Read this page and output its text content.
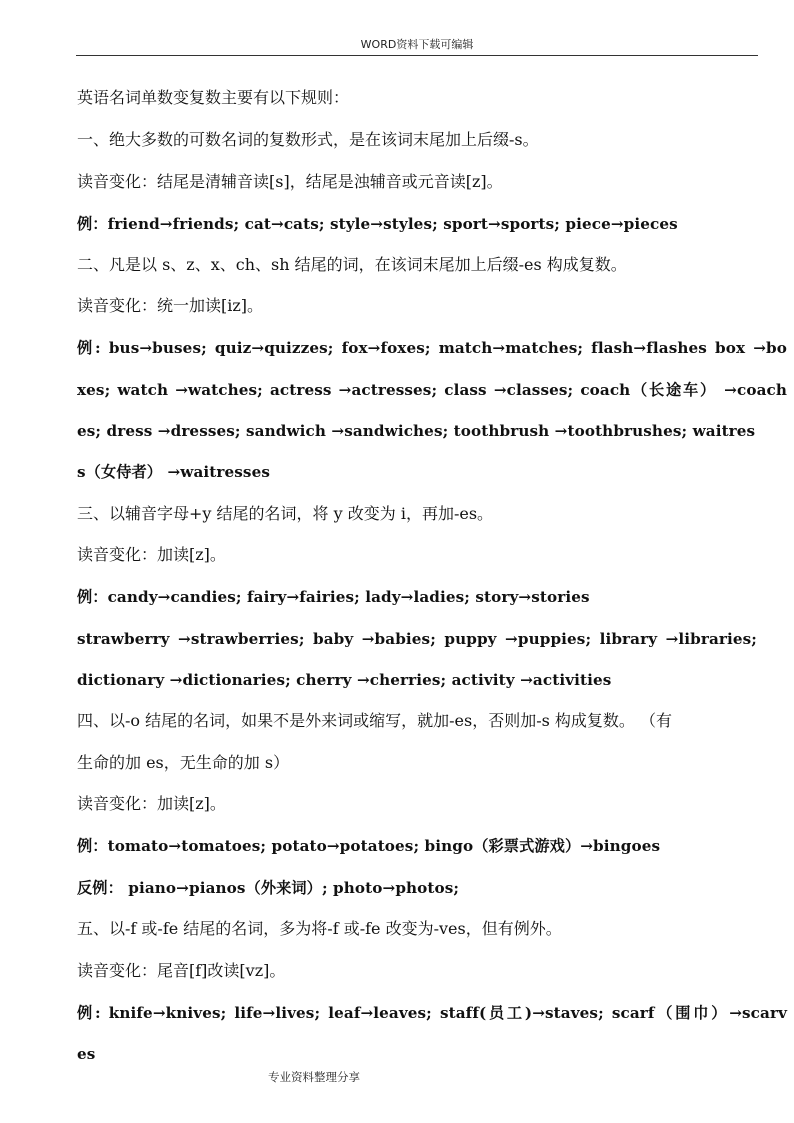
WORD资料下载可编辑
英语名词单数变复数主要有以下规则：
一、绝大多数的可数名词的复数形式，是在该词末尾加上后缀-s。
读音变化：结尾是清辅音读[s]，结尾是浊辅音或元音读[z]。
例：friend→friends; cat→cats; style→styles; sport→sports; piece→pieces
二、凡是以 s、z、x、ch、sh 结尾的词，在该词末尾加上后缀-es 构成复数。
读音变化：统一加读[iz]。
例: bus→buses; quiz→quizzes; fox→foxes; match→matches; flash→flashes box →bo
xes; watch →watches; actress →actresses; class →classes; coach（长途车） →coach
es; dress →dresses; sandwich →sandwiches; toothbrush →toothbrushes; waitres
s（女侍者） →waitresses
三、以辅音字母+y 结尾的名词，将 y 改变为 i，再加-es。
读音变化：加读[z]。
例：candy→candies; fairy→fairies; lady→ladies; story→stories
strawberry →strawberries; baby →babies; puppy →puppies; library →libraries;
dictionary →dictionaries; cherry →cherries; activity →activities
四、以-o 结尾的名词，如果不是外来词或缩写，就加-es，否则加-s 构成复数。 （有
生命的加 es，无生命的加 s）
读音变化：加读[z]。
例：tomato→tomatoes; potato→potatoes; bingo（彩票式游戏）→bingoes
反例： piano→pianos（外来词）; photo→photos;
五、以-f 或-fe 结尾的名词，多为将-f 或-fe 改变为-ves，但有例外。
读音变化：尾音[f]改读[vz]。
例: knife→knives; life→lives; leaf→leaves; staff(员工)→staves; scarf（围巾）→scarv
es
专业资料整理分享
